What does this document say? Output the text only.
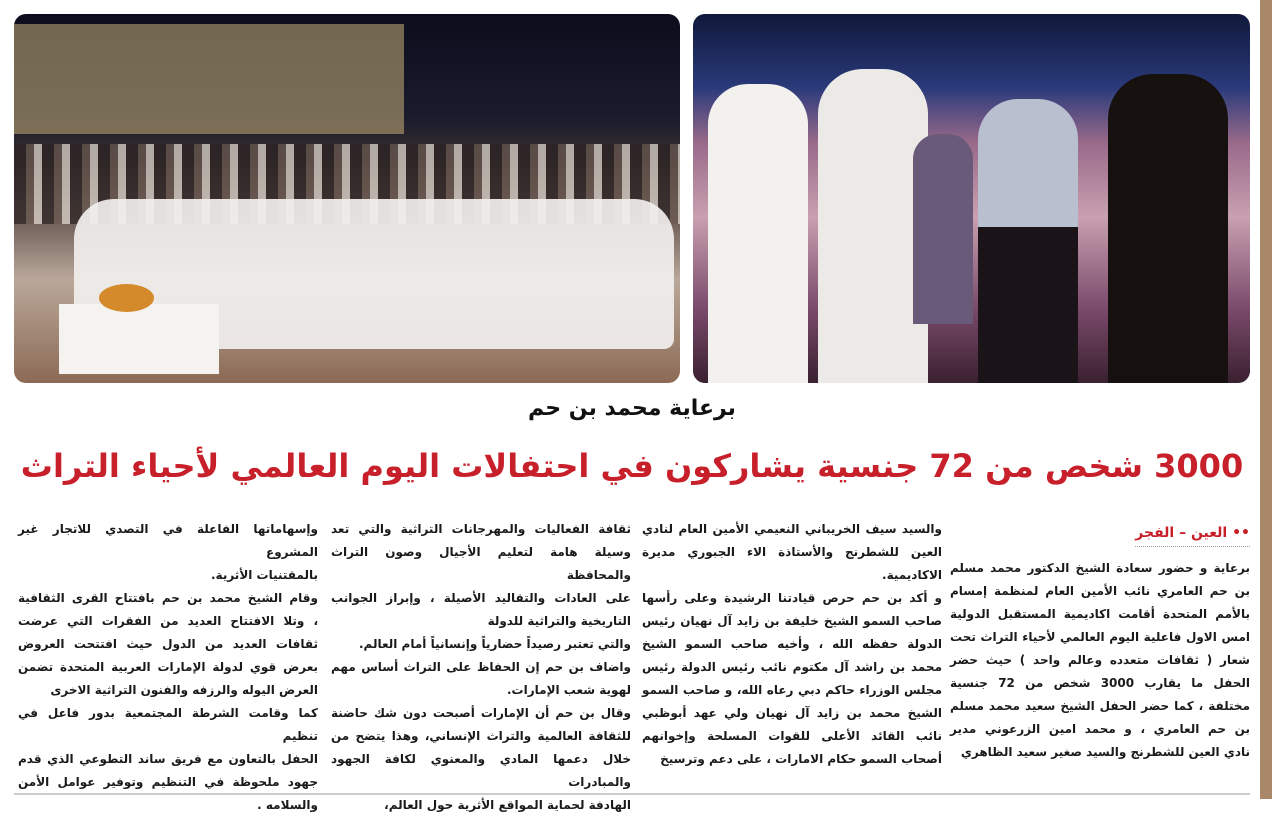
برعاية محمد بن حم
3000 شخص من 72 جنسية يشاركون في احتفالات اليوم العالمي لأحياء التراث
•• العين – الفجر
برعاية و حضور سعادة الشيخ الدكتور محمد مسلم
بن حم العامري نائب الأمين العام لمنظمة إمسام
بالأمم المتحدة أقامت اكاديمية المستقبل الدولية
امس الاول فاعلية اليوم العالمي لأحياء التراث تحت
شعار ( ثقافات متعدده وعالم واحد ) حيث حضر
الحفل ما يقارب 3000 شخص من 72 جنسية
مختلفة ، كما حضر الحفل الشيخ سعيد محمد مسلم
بن حم العامري ، و محمد امين الزرعوني مدير
نادي العين للشطرنج والسيد صغير سعيد الظاهري
والسيد سيف الخريباني النعيمي الأمين العام لنادي
العين للشطرنج والأستاذة الاء الجبوري مديرة
الاكاديمية.
و أكد بن حم حرص قيادتنا الرشيدة وعلى رأسها
صاحب السمو الشيخ خليفة بن زايد آل نهيان رئيس
الدولة حفظه الله ، وأخيه صاحب السمو الشيخ
محمد بن راشد آل مكتوم نائب رئيس الدولة رئيس
مجلس الوزراء حاكم دبي رعاه الله، و صاحب السمو
الشيخ محمد بن زايد آل نهيان ولي عهد أبوظبي
نائب القائد الأعلى للقوات المسلحة وإخوانهم
أصحاب السمو حكام الامارات ، على دعم وترسيخ
ثقافة الفعاليات والمهرجانات التراثية والتي تعد
وسيلة هامة لتعليم الأجيال وصون التراث والمحافظة
على العادات والتقاليد الأصيلة ، وإبراز الجوانب
التاريخية والتراثية للدولة
والتي تعتبر رصيداً حضارياً وإنسانياً أمام العالم.
واضاف بن حم إن الحفاظ على التراث أساس مهم
لهوية شعب الإمارات.
وقال بن حم أن الإمارات أصبحت دون شك حاضنة
للثقافة العالمية والتراث الإنساني، وهذا يتضح من
خلال دعمها المادي والمعنوي لكافة الجهود والمبادرات
الهادفة لحماية المواقع الأثرية حول العالم،
وإسهاماتها الفاعلة في التصدي للاتجار غير المشروع
بالمقتنيات الأثرية.
وقام الشيخ محمد بن حم بافتتاح القرى الثقافية
، وتلا الافتتاح العديد من الفقرات التي عرضت
ثقافات العديد من الدول حيث افتتحت العروض
بعرض قوي لدولة الإمارات العربية المتحدة تضمن
العرض اليوله والرزفه والفنون التراثية الاخرى
كما وقامت الشرطة المجتمعية بدور فاعل في تنظيم
الحفل بالتعاون مع فريق ساند التطوعي الذي قدم
جهود ملحوظة في التنظيم وتوفير عوامل الأمن
والسلامه .
